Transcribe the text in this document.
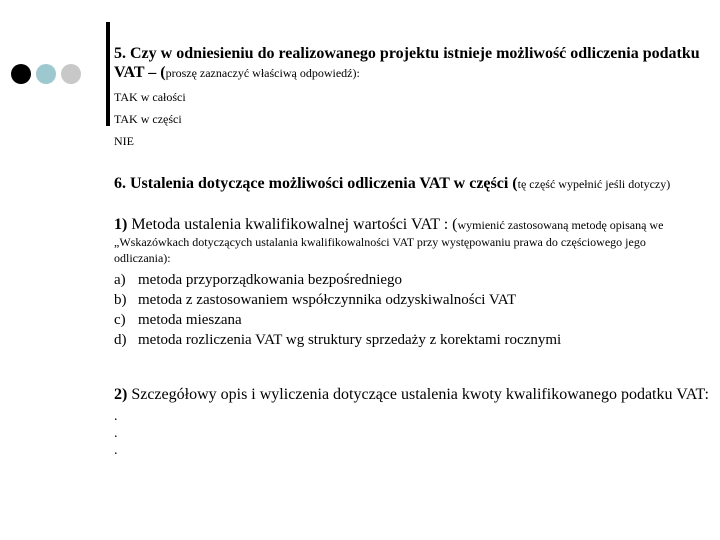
5. Czy w odniesieniu do realizowanego projektu istnieje możliwość odliczenia podatku
VAT – (proszę zaznaczyć właściwą odpowiedź):
TAK w całości
TAK w części
NIE
6. Ustalenia dotyczące możliwości odliczenia VAT w części (tę część wypełnić jeśli dotyczy)
1) Metoda ustalenia kwalifikowalnej wartości VAT : (wymienić zastosowaną metodę opisaną we
„Wskazówkach dotyczących ustalania kwalifikowalności VAT przy występowaniu prawa do częściowego jego
odliczania):
a) metoda przyporządkowania bezpośredniego
b) metoda z zastosowaniem współczynnika odzyskiwalności VAT
c) metoda mieszana
d) metoda rozliczenia VAT wg struktury sprzedaży z korektami rocznymi
2) Szczegółowy opis i wyliczenia dotyczące ustalenia kwoty kwalifikowanego podatku VAT:
.
.
.
